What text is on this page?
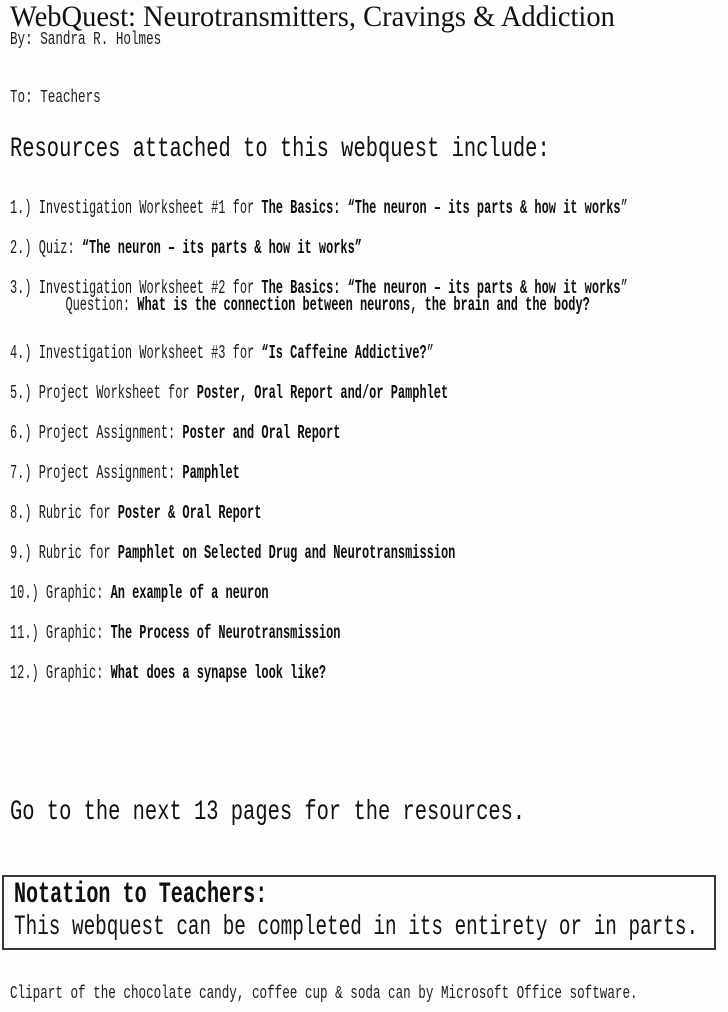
WebQuest: Neurotransmitters, Cravings & Addiction
By: Sandra R. Holmes
To: Teachers
Resources attached to this webquest include:
1.) Investigation Worksheet #1 for The Basics: “The neuron – its parts & how it works”
2.) Quiz: “The neuron – its parts & how it works”
3.) Investigation Worksheet #2 for The Basics: “The neuron – its parts & how it works”
Question: What is the connection between neurons, the brain and the body?
4.) Investigation Worksheet #3 for “Is Caffeine Addictive?”
5.) Project Worksheet for Poster, Oral Report and/or Pamphlet
6.) Project Assignment: Poster and Oral Report
7.) Project Assignment: Pamphlet
8.) Rubric for Poster & Oral Report
9.) Rubric for Pamphlet on Selected Drug and Neurotransmission
10.) Graphic: An example of a neuron
11.) Graphic: The Process of Neurotransmission
12.) Graphic: What does a synapse look like?
Go to the next 13 pages for the resources.
Notation to Teachers:
This webquest can be completed in its entirety or in parts.
Clipart of the chocolate candy, coffee cup & soda can by Microsoft Office software.
